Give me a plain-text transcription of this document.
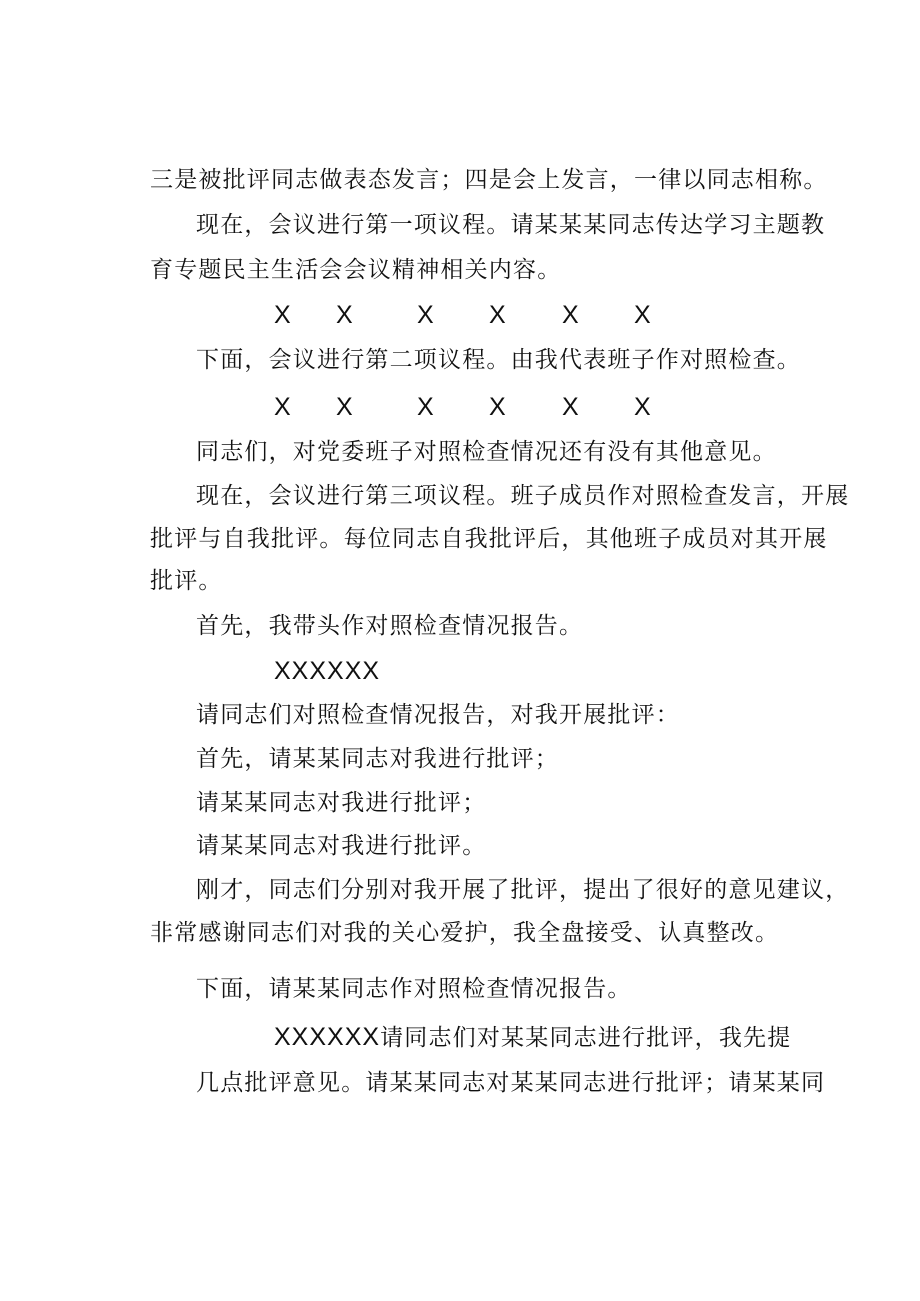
三是被批评同志做表态发言；四是会上发言，一律以同志相称。
现在，会议进行第一项议程。请某某某同志传达学习主题教
育专题民主生活会会议精神相关内容。
X X	X X X X
下面，会议进行第二项议程。由我代表班子作对照检查。
X X	X X X X
同志们，对党委班子对照检查情况还有没有其他意见。
现在，会议进行第三项议程。班子成员作对照检查发言，开展
批评与自我批评。每位同志自我批评后，其他班子成员对其开展
批评。
首先，我带头作对照检查情况报告。
XXXXXX
请同志们对照检查情况报告，对我开展批评：
首先，请某某同志对我进行批评；
请某某同志对我进行批评；
请某某同志对我进行批评。
刚才，同志们分别对我开展了批评，提出了很好的意见建议，
非常感谢同志们对我的关心爱护，我全盘接受、认真整改。
下面，请某某同志作对照检查情况报告。
XXXXXX请同志们对某某同志进行批评，我先提
几点批评意见。请某某同志对某某同志进行批评；请某某同
